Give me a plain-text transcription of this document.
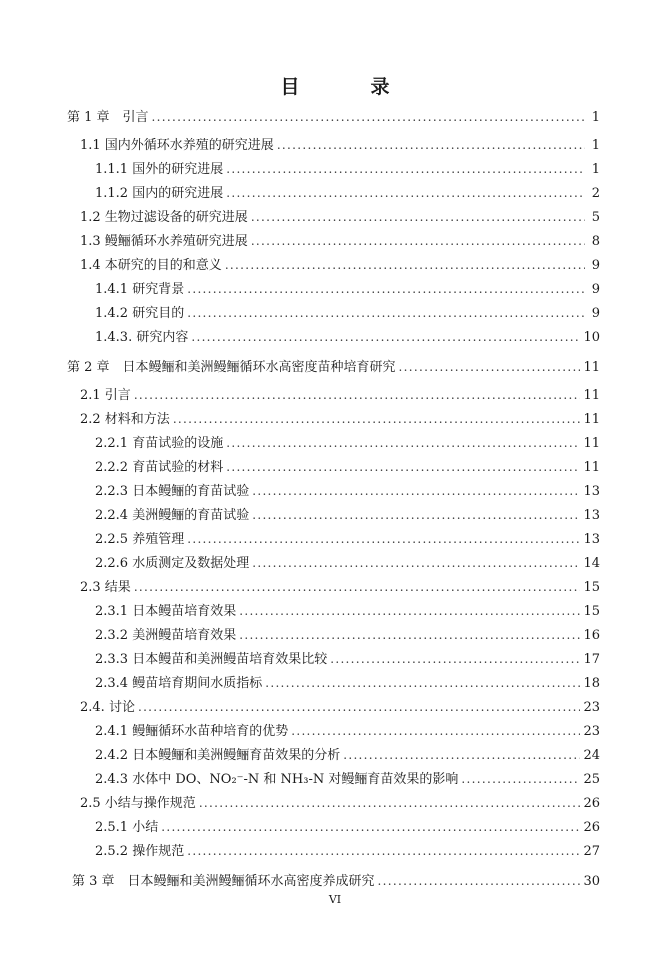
目　录
第 1 章　引言 .....	1
1.1 国内外循环水养殖的研究进展 .....	1
1.1.1 国外的研究进展 .....	1
1.1.2 国内的研究进展 .....	2
1.2 生物过滤设备的研究进展 .....	5
1.3 鳗鲡循环水养殖研究进展 .....	8
1.4 本研究的目的和意义 .....	9
1.4.1 研究背景 .....	9
1.4.2 研究目的 .....	9
1.4.3. 研究内容 .....	10
第 2 章　日本鳗鲡和美洲鳗鲡循环水高密度苗种培育研究 .....	11
2.1 引言 .....	11
2.2 材料和方法 .....	11
2.2.1 育苗试验的设施 .....	11
2.2.2 育苗试验的材料 .....	11
2.2.3 日本鳗鲡的育苗试验 .....	13
2.2.4 美洲鳗鲡的育苗试验 .....	13
2.2.5 养殖管理 .....	13
2.2.6 水质测定及数据处理 .....	14
2.3 结果 .....	15
2.3.1 日本鳗苗培育效果 .....	15
2.3.2 美洲鳗苗培育效果 .....	16
2.3.3 日本鳗苗和美洲鳗苗培育效果比较 .....	17
2.3.4 鳗苗培育期间水质指标 .....	18
2.4. 讨论 .....	23
2.4.1 鳗鲡循环水苗种培育的优势 .....	23
2.4.2 日本鳗鲡和美洲鳗鲡育苗效果的分析 .....	24
2.4.3 水体中 DO、NO₂⁻-N 和 NH₃-N 对鳗鲡育苗效果的影响 .....	25
2.5 小结与操作规范 .....	26
2.5.1 小结 .....	26
2.5.2 操作规范 .....	27
第 3 章　日本鳗鲡和美洲鳗鲡循环水高密度养成研究 .....	30
VI
